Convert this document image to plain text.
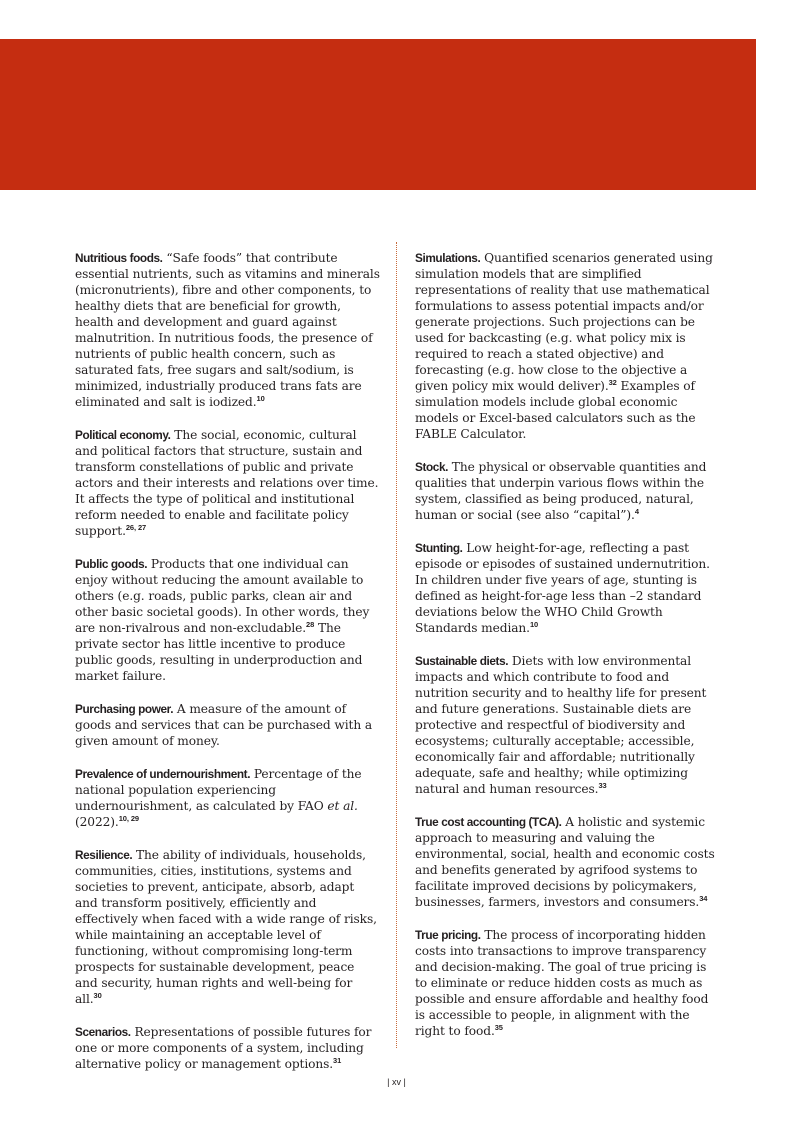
Nutritious foods. “Safe foods” that contribute essential nutrients, such as vitamins and minerals (micronutrients), fibre and other components, to healthy diets that are beneficial for growth, health and development and guard against malnutrition. In nutritious foods, the presence of nutrients of public health concern, such as saturated fats, free sugars and salt/sodium, is minimized, industrially produced trans fats are eliminated and salt is iodized.$^{10}$

Political economy. The social, economic, cultural and political factors that structure, sustain and transform constellations of public and private actors and their interests and relations over time. It affects the type of political and institutional reform needed to enable and facilitate policy support.$^{26, 27}$

Public goods. Products that one individual can enjoy without reducing the amount available to others (e.g. roads, public parks, clean air and other basic societal goods). In other words, they are non-rivalrous and non-excludable.$^{28}$ The private sector has little incentive to produce public goods, resulting in underproduction and market failure.

Purchasing power. A measure of the amount of goods and services that can be purchased with a given amount of money.

Prevalence of undernourishment. Percentage of the national population experiencing undernourishment, as calculated by FAO et al. (2022).$^{10, 29}$

Resilience. The ability of individuals, households, communities, cities, institutions, systems and societies to prevent, anticipate, absorb, adapt and transform positively, efficiently and effectively when faced with a wide range of risks, while maintaining an acceptable level of functioning, without compromising long-term prospects for sustainable development, peace and security, human rights and well-being for all.$^{30}$

Scenarios. Representations of possible futures for one or more components of a system, including alternative policy or management options.$^{31}$

Simulations. Quantified scenarios generated using simulation models that are simplified representations of reality that use mathematical formulations to assess potential impacts and/or generate projections. Such projections can be used for backcasting (e.g. what policy mix is required to reach a stated objective) and forecasting (e.g. how close to the objective a given policy mix would deliver).$^{32}$ Examples of simulation models include global economic models or Excel-based calculators such as the FABLE Calculator.

Stock. The physical or observable quantities and qualities that underpin various flows within the system, classified as being produced, natural, human or social (see also “capital”).$^4$

Stunting. Low height-for-age, reflecting a past episode or episodes of sustained undernutrition. In children under five years of age, stunting is defined as height-for-age less than –2 standard deviations below the WHO Child Growth Standards median.$^{10}$

Sustainable diets. Diets with low environmental impacts and which contribute to food and nutrition security and to healthy life for present and future generations. Sustainable diets are protective and respectful of biodiversity and ecosystems; culturally acceptable; accessible, economically fair and affordable; nutritionally adequate, safe and healthy; while optimizing natural and human resources.$^{33}$

True cost accounting (TCA). A holistic and systemic approach to measuring and valuing the environmental, social, health and economic costs and benefits generated by agrifood systems to facilitate improved decisions by policymakers, businesses, farmers, investors and consumers.$^{34}$

True pricing. The process of incorporating hidden costs into transactions to improve transparency and decision-making. The goal of true pricing is to eliminate or reduce hidden costs as much as possible and ensure affordable and healthy food is accessible to people, in alignment with the right to food.$^{35}$

| xv |
